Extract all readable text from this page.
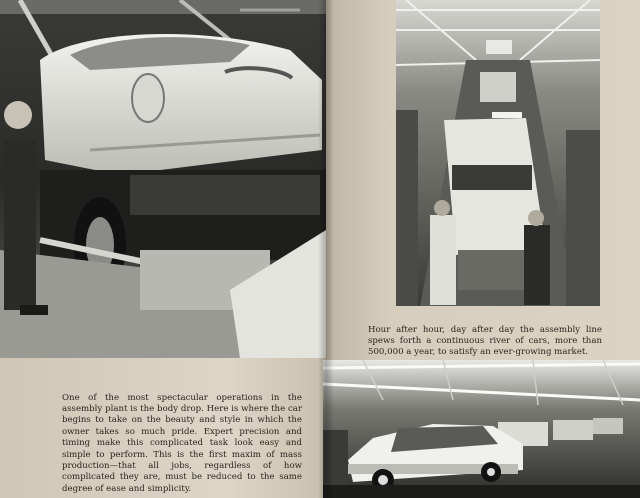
One of the most spectacular operations in the assembly plant is the body drop. Here is where the car begins to take on the beauty and style in which the owner takes so much pride. Expert precision and timing make this complicated task look easy and simple to perform. This is the first maxim of mass production—that all jobs, regardless of how complicated they are, must be reduced to the same degree of ease and simplicity.

Hour after hour, day after day the assembly line spews forth a continuous river of cars, more than 500,000 a year, to satisfy an ever-growing market.
